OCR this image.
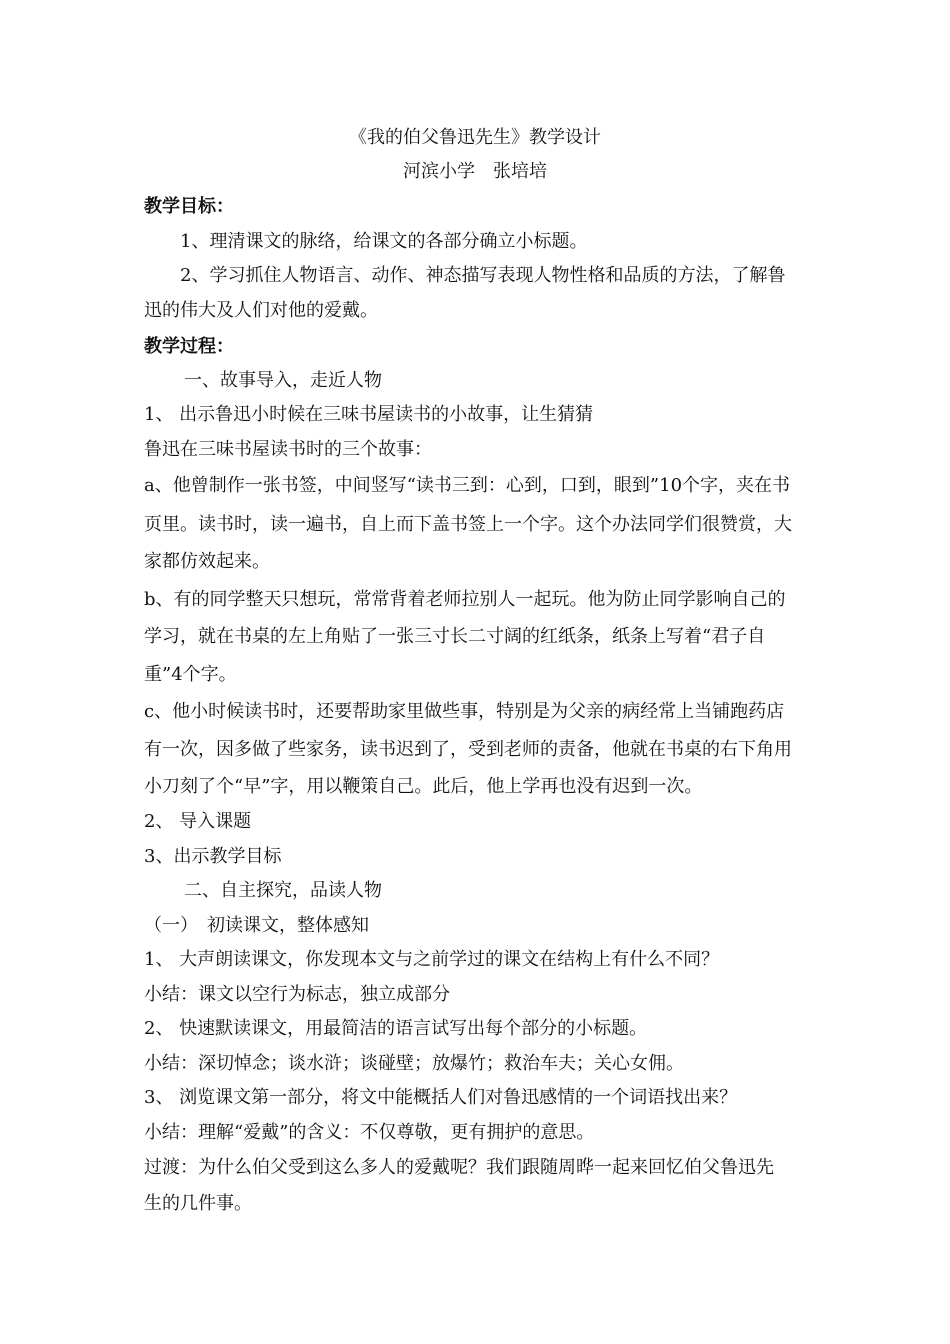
《我的伯父鲁迅先生》教学设计
河滨小学　张培培
教学目标：
1、理清课文的脉络，给课文的各部分确立小标题。
2、学习抓住人物语言、动作、神态描写表现人物性格和品质的方法，了解鲁
迅的伟大及人们对他的爱戴。
教学过程：
一、故事导入，走近人物
1、 出示鲁迅小时候在三味书屋读书的小故事，让生猜猜
鲁迅在三味书屋读书时的三个故事：
a、他曾制作一张书签，中间竖写“读书三到：心到，口到，眼到”10个字，夹在书
页里。读书时，读一遍书，自上而下盖书签上一个字。这个办法同学们很赞赏，大
家都仿效起来。
b、有的同学整天只想玩，常常背着老师拉别人一起玩。他为防止同学影响自己的
学习，就在书桌的左上角贴了一张三寸长二寸阔的红纸条，纸条上写着“君子自
重”4个字。
c、他小时候读书时，还要帮助家里做些事，特别是为父亲的病经常上当铺跑药店
有一次，因多做了些家务，读书迟到了，受到老师的责备，他就在书桌的右下角用
小刀刻了个“早”字，用以鞭策自己。此后，他上学再也没有迟到一次。
2、 导入课题
3、出示教学目标
二、自主探究，品读人物
（一）　初读课文，整体感知
1、 大声朗读课文，你发现本文与之前学过的课文在结构上有什么不同？
小结：课文以空行为标志，独立成部分
2、 快速默读课文，用最简洁的语言试写出每个部分的小标题。
小结：深切悼念；谈水浒；谈碰壁；放爆竹；救治车夫；关心女佣。
3、 浏览课文第一部分，将文中能概括人们对鲁迅感情的一个词语找出来？
小结：理解“爱戴”的含义：不仅尊敬，更有拥护的意思。
过渡：为什么伯父受到这么多人的爱戴呢？我们跟随周晔一起来回忆伯父鲁迅先
生的几件事。
